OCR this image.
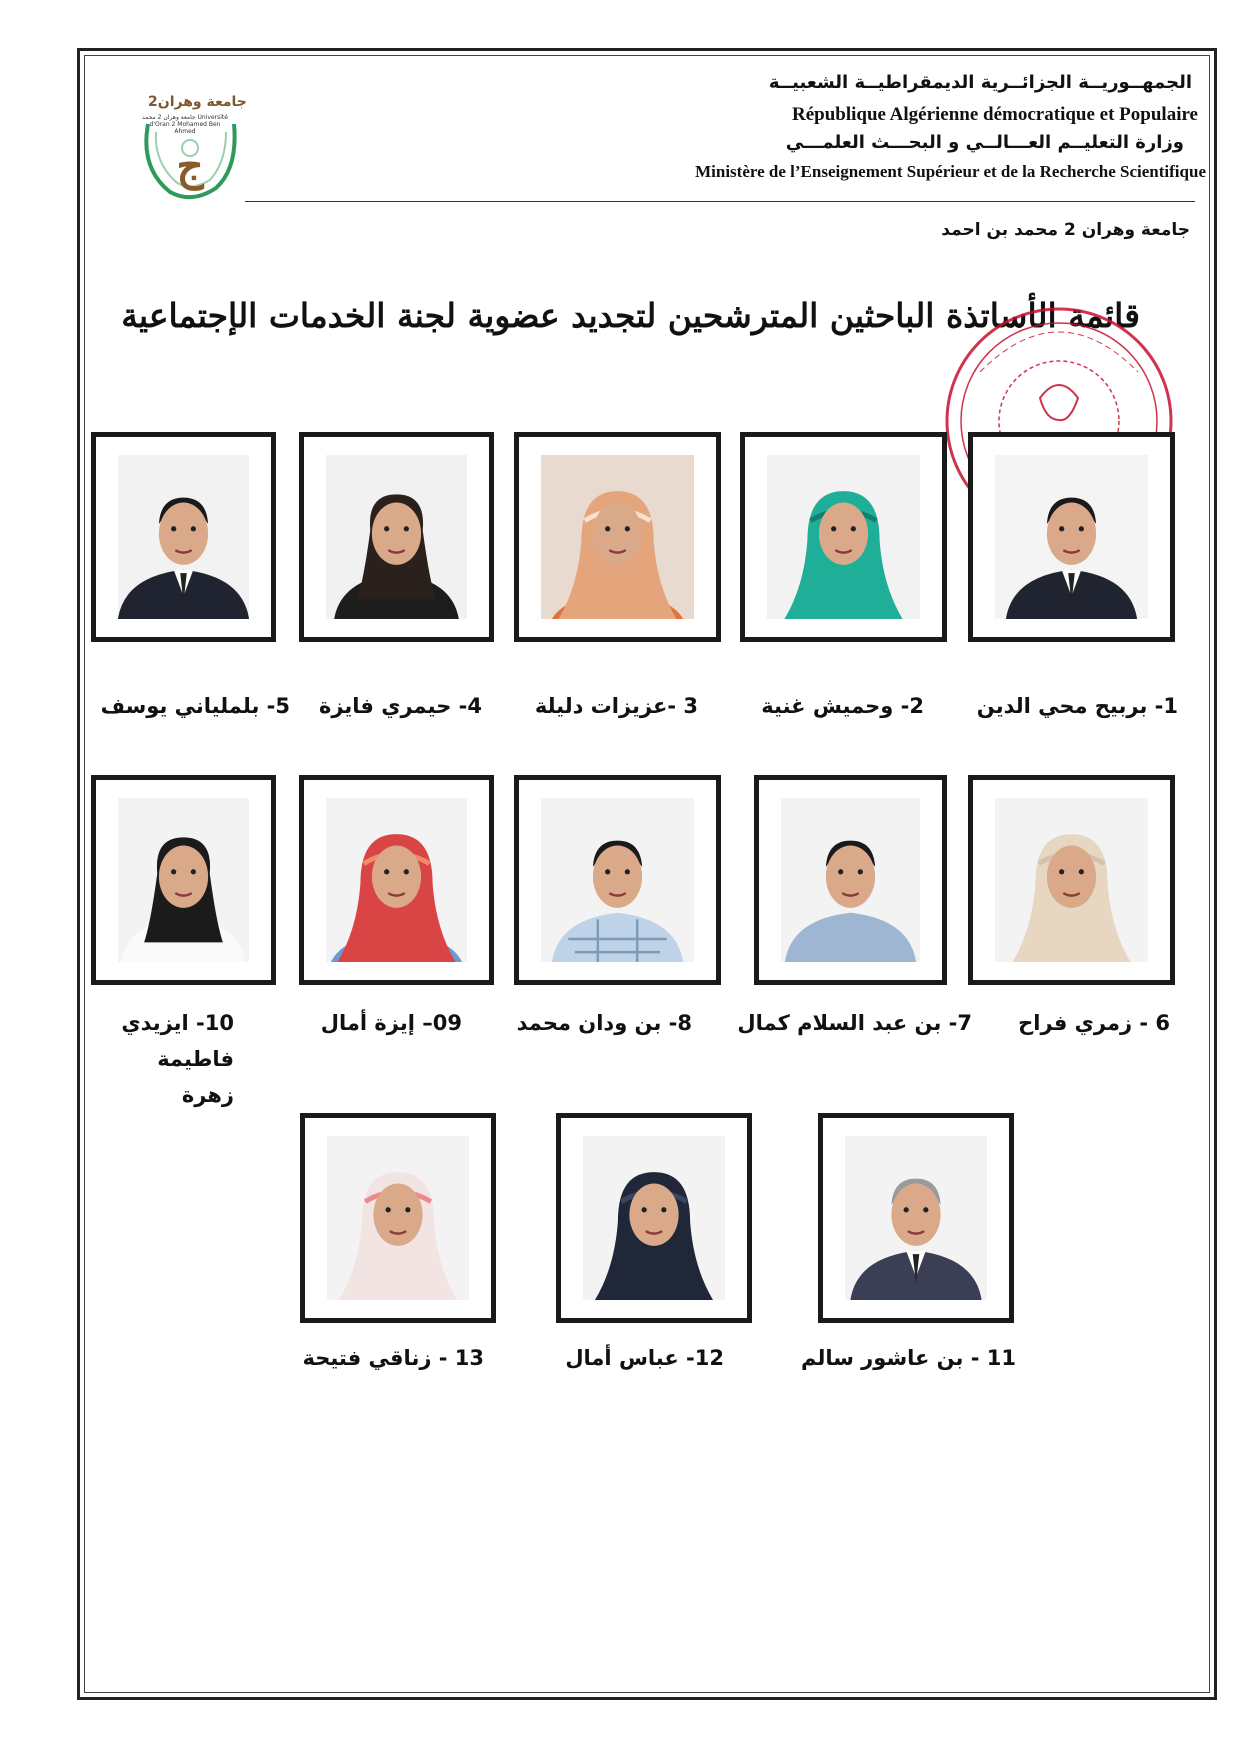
ج
جامعة وهران2
جامعة وهران 2 محمد Université d'Oran 2 Mohamed Ben Ahmed
الجمهــوريــة الجزائــرية الديمقراطيــة الشعبيــة
République Algérienne démocratique et Populaire
وزارة التعليــم العـــالــي و البحـــث العلمـــي
Ministère de l’Enseignement Supérieur et de la Recherche Scientifique
جامعة وهران 2 محمد بن احمد
قائمة الأساتذة الباحثين المترشحين لتجديد عضوية لجنة الخدمات الإجتماعية
1- بربيح محي الدين
2- وحميش غنية
3 -عزيزات دليلة
4- حيمري فايزة
5- بلملياني يوسف
6 - زمري فراح
7- بن عبد السلام كمال
8- بن ودان محمد
09– إيزة أمال
10- ايزيدي فاطيمة زهرة
11 - بن عاشور سالم
12- عباس أمال
13 - زناقي فتيحة
